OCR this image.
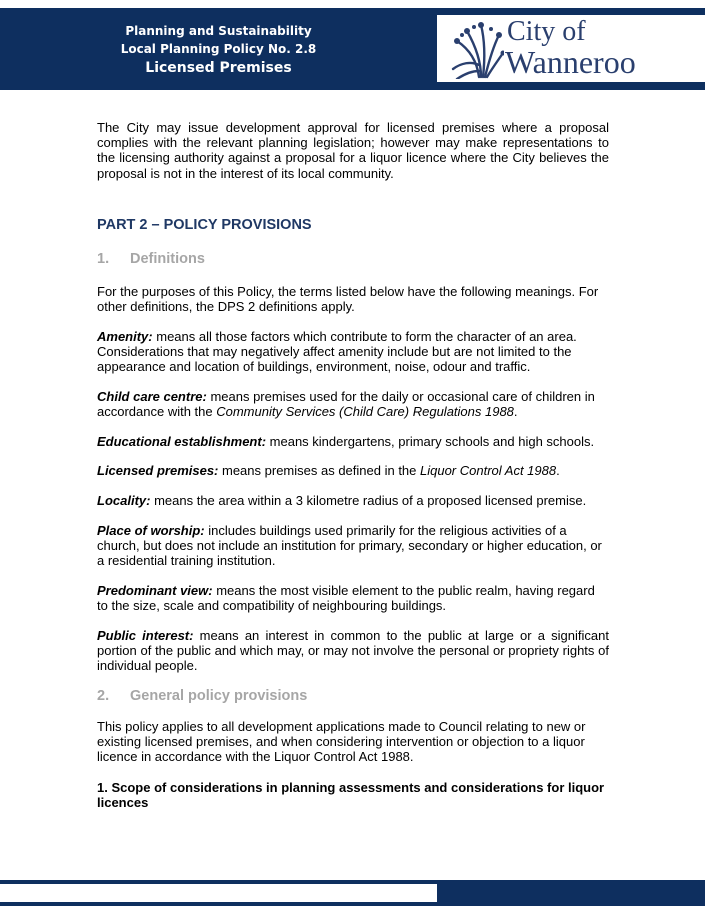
Planning and Sustainability
Local Planning Policy No. 2.8
Licensed Premises
City of
Wanneroo

The City may issue development approval for licensed premises where a proposal complies with the relevant planning legislation; however may make representations to the licensing authority against a proposal for a liquor licence where the City believes the proposal is not in the interest of its local community.

PART 2 – POLICY PROVISIONS
1. Definitions

For the purposes of this Policy, the terms listed below have the following meanings. For other definitions, the DPS 2 definitions apply.

Amenity: means all those factors which contribute to form the character of an area. Considerations that may negatively affect amenity include but are not limited to the appearance and location of buildings, environment, noise, odour and traffic.

Child care centre: means premises used for the daily or occasional care of children in accordance with the Community Services (Child Care) Regulations 1988.

Educational establishment: means kindergartens, primary schools and high schools.

Licensed premises: means premises as defined in the Liquor Control Act 1988.

Locality: means the area within a 3 kilometre radius of a proposed licensed premise.

Place of worship: includes buildings used primarily for the religious activities of a church, but does not include an institution for primary, secondary or higher education, or a residential training institution.

Predominant view: means the most visible element to the public realm, having regard to the size, scale and compatibility of neighbouring buildings.

Public interest: means an interest in common to the public at large or a significant portion of the public and which may, or may not involve the personal or propriety rights of individual people.

2. General policy provisions

This policy applies to all development applications made to Council relating to new or existing licensed premises, and when considering intervention or objection to a liquor licence in accordance with the Liquor Control Act 1988.

1. Scope of considerations in planning assessments and considerations for liquor licences
